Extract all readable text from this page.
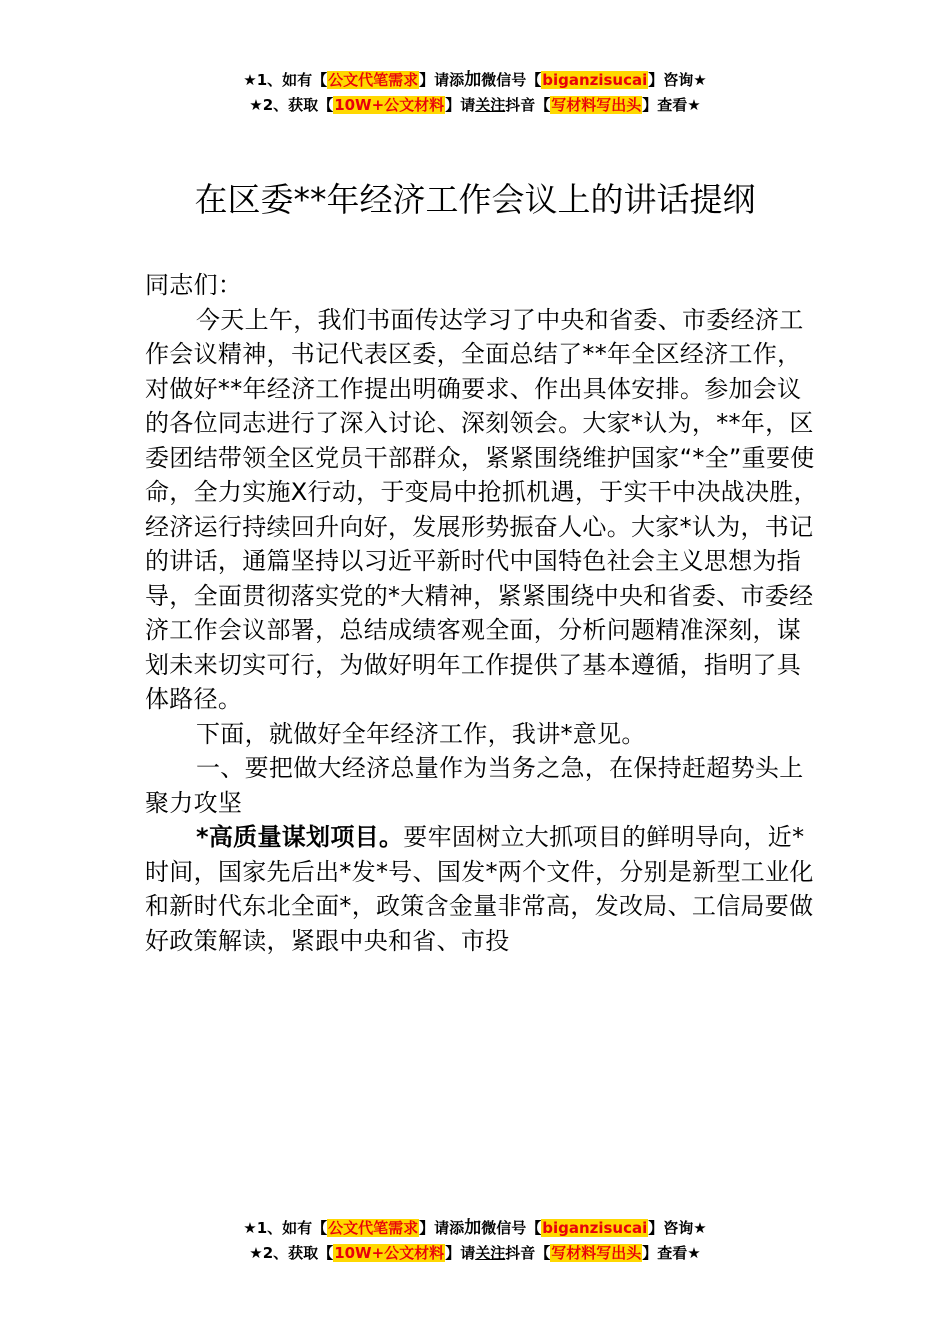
★1、如有【公文代笔需求】请添加微信号【biganzisucai】咨询★
★2、获取【10W+公文材料】请关注抖音【写材料写出头】查看★
在区委**年经济工作会议上的讲话提纲

同志们：

今天上午，我们书面传达学习了中央和省委、市委经济工作会议精神，书记代表区委，全面总结了**年全区经济工作，对做好**年经济工作提出明确要求、作出具体安排。参加会议的各位同志进行了深入讨论、深刻领会。大家*认为，**年，区委团结带领全区党员干部群众，紧紧围绕维护国家“*全”重要使命，全力实施X行动，于变局中抢抓机遇，于实干中决战决胜，经济运行持续回升向好，发展形势振奋人心。大家*认为，书记的讲话，通篇坚持以习近平新时代中国特色社会主义思想为指导，全面贯彻落实党的*大精神，紧紧围绕中央和省委、市委经济工作会议部署，总结成绩客观全面，分析问题精准深刻，谋划未来切实可行，为做好明年工作提供了基本遵循，指明了具体路径。

下面，就做好全年经济工作，我讲*意见。

一、要把做大经济总量作为当务之急，在保持赶超势头上聚力攻坚

*高质量谋划项目。要牢固树立大抓项目的鲜明导向，近*时间，国家先后出*发*号、国发*两个文件，分别是新型工业化和新时代东北全面*，政策含金量非常高，发改局、工信局要做好政策解读，紧跟中央和省、市投

★1、如有【公文代笔需求】请添加微信号【biganzisucai】咨询★
★2、获取【10W+公文材料】请关注抖音【写材料写出头】查看★
